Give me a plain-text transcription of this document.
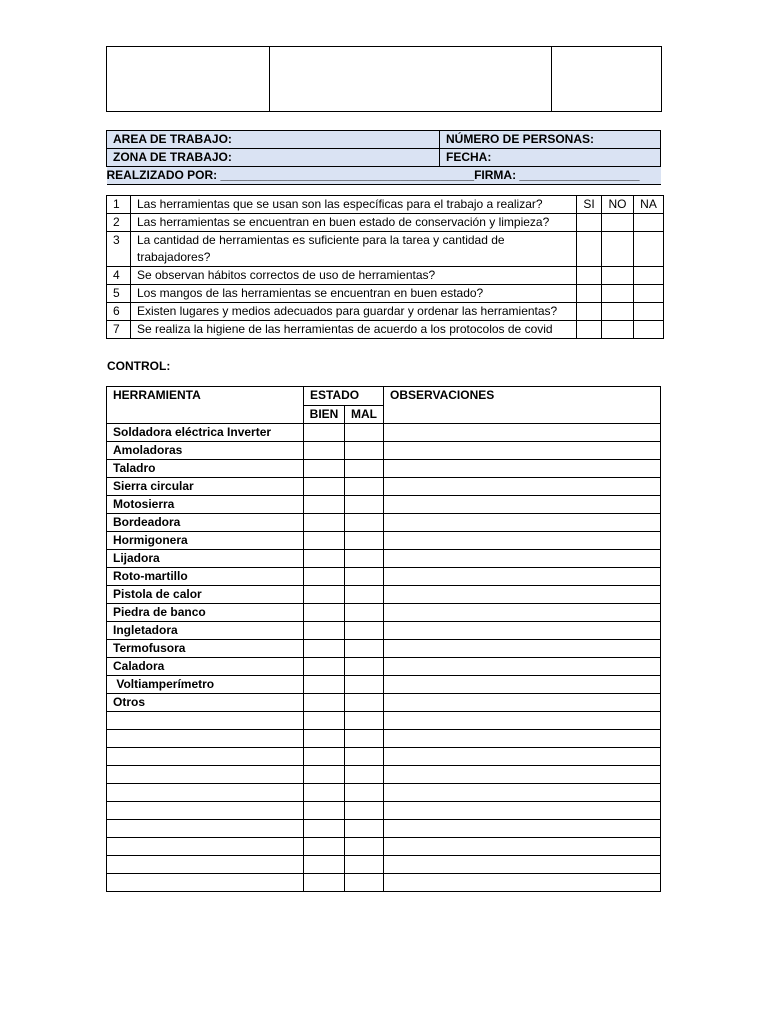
AREA DE TRABAJO:	NÚMERO DE PERSONAS:
ZONA DE TRABAJO:	FECHA:
REALZIZADO POR: ______________________________________FIRMA: __________________	
1	Las herramientas que se usan son las específicas para el trabajo a realizar?	SI	NO	NA
2	Las herramientas se encuentran en buen estado de conservación y limpieza?			
3	La cantidad de herramientas es suficiente para la tarea y cantidad de trabajadores?			
4	Se observan hábitos correctos de uso de herramientas?			
5	Los mangos de las herramientas se encuentran en buen estado?			
6	Existen lugares y medios adecuados para guardar y ordenar las herramientas?			
7	Se realiza la higiene de las herramientas de acuerdo a los protocolos de covid			
CONTROL:
HERRAMIENTA	ESTADO		OBSERVACIONES
	BIEN	MAL	
Soldadora eléctrica Inverter			
Amoladoras			
Taladro			
Sierra circular			
Motosierra			
Bordeadora			
Hormigonera			
Lijadora			
Roto-martillo			
Pistola de calor			
Piedra de banco			
Ingletadora			
Termofusora			
Caladora			
Voltiamperímetro			
Otros			
